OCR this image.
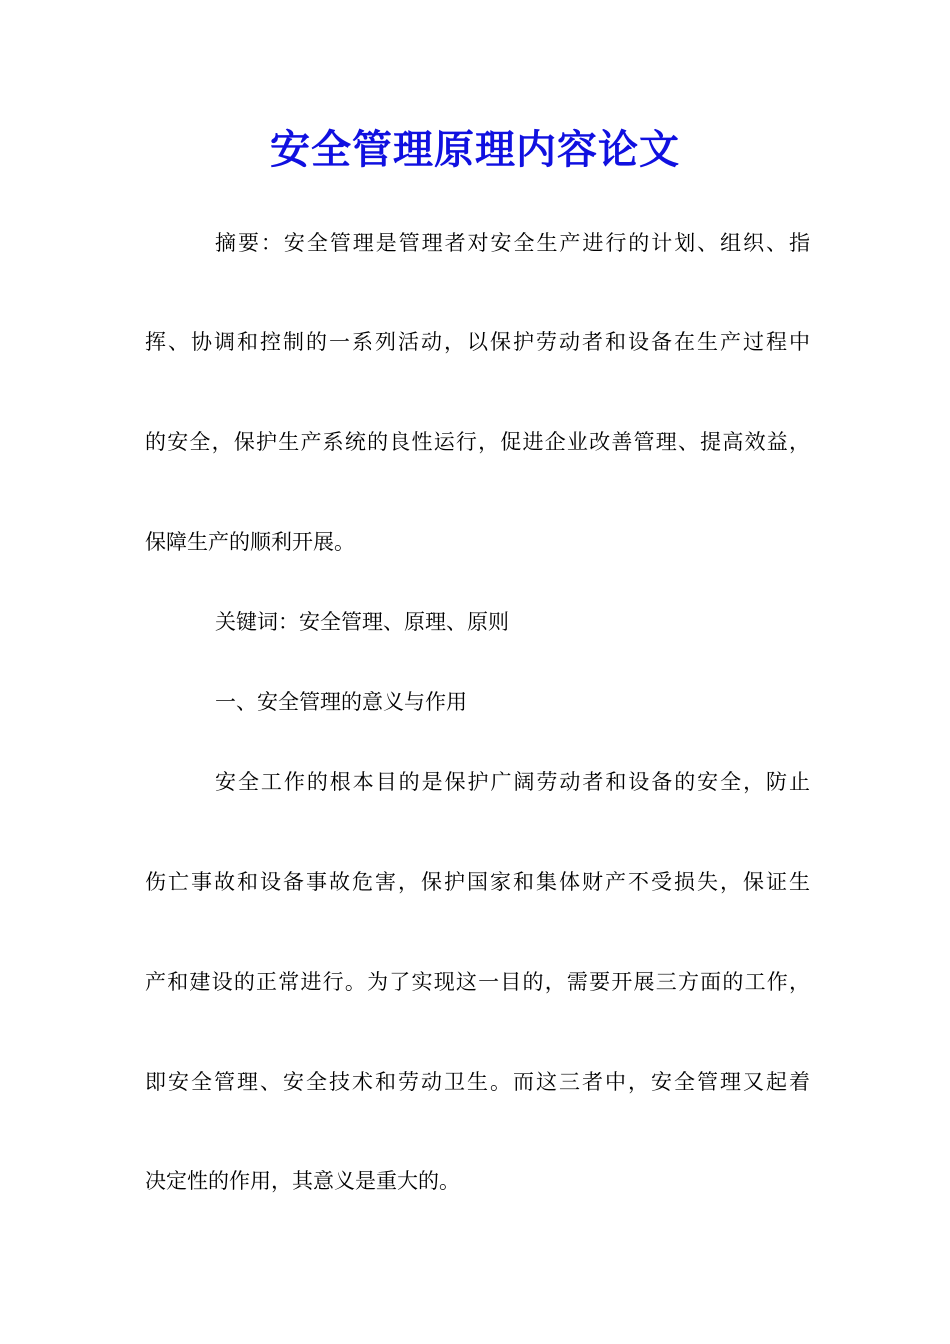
安全管理原理内容论文
摘要：安全管理是管理者对安全生产进行的计划、组织、指
挥、协调和控制的一系列活动，以保护劳动者和设备在生产过程中
的安全，保护生产系统的良性运行，促进企业改善管理、提高效益，
保障生产的顺利开展。
关键词：安全管理、原理、原则
一、安全管理的意义与作用
安全工作的根本目的是保护广阔劳动者和设备的安全，防止
伤亡事故和设备事故危害，保护国家和集体财产不受损失，保证生
产和建设的正常进行。为了实现这一目的，需要开展三方面的工作，
即安全管理、安全技术和劳动卫生。而这三者中，安全管理又起着
决定性的作用，其意义是重大的。
